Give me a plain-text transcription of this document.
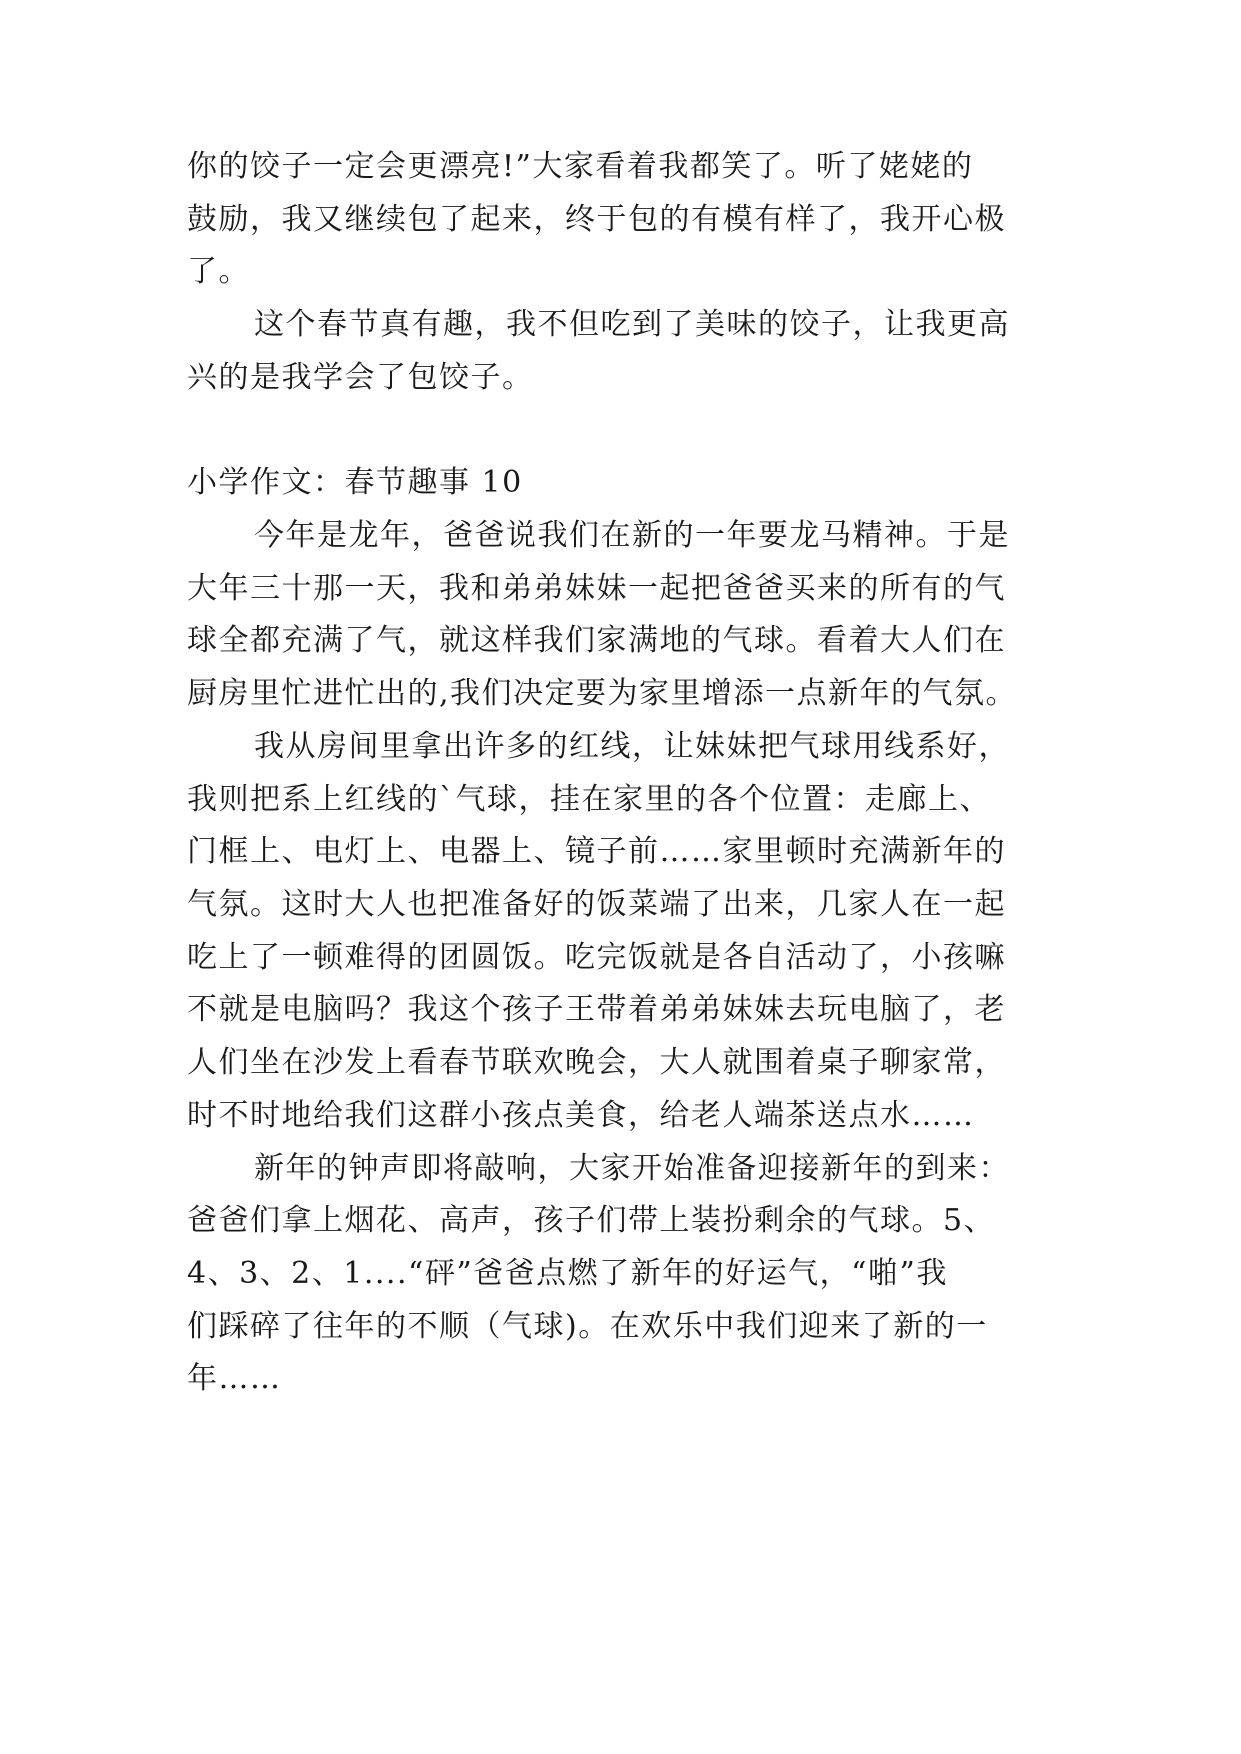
你的饺子一定会更漂亮!”大家看着我都笑了。听了姥姥的
鼓励，我又继续包了起来，终于包的有模有样了，我开心极
了。
这个春节真有趣，我不但吃到了美味的饺子，让我更高
兴的是我学会了包饺子。
小学作文：春节趣事 10
今年是龙年，爸爸说我们在新的一年要龙马精神。于是
大年三十那一天，我和弟弟妹妹一起把爸爸买来的所有的气
球全都充满了气，就这样我们家满地的气球。看着大人们在
厨房里忙进忙出的,我们决定要为家里增添一点新年的气氛。
我从房间里拿出许多的红线，让妹妹把气球用线系好，
我则把系上红线的`气球，挂在家里的各个位置：走廊上、
门框上、电灯上、电器上、镜子前……家里顿时充满新年的
气氛。这时大人也把准备好的饭菜端了出来，几家人在一起
吃上了一顿难得的团圆饭。吃完饭就是各自活动了，小孩嘛
不就是电脑吗？我这个孩子王带着弟弟妹妹去玩电脑了，老
人们坐在沙发上看春节联欢晚会，大人就围着桌子聊家常，
时不时地给我们这群小孩点美食，给老人端茶送点水……
新年的钟声即将敲响，大家开始准备迎接新年的到来：
爸爸们拿上烟花、高声，孩子们带上装扮剩余的气球。5、
4、3、2、1....“砰”爸爸点燃了新年的好运气，“啪”我
们踩碎了往年的不顺（气球)。在欢乐中我们迎来了新的一
年……
